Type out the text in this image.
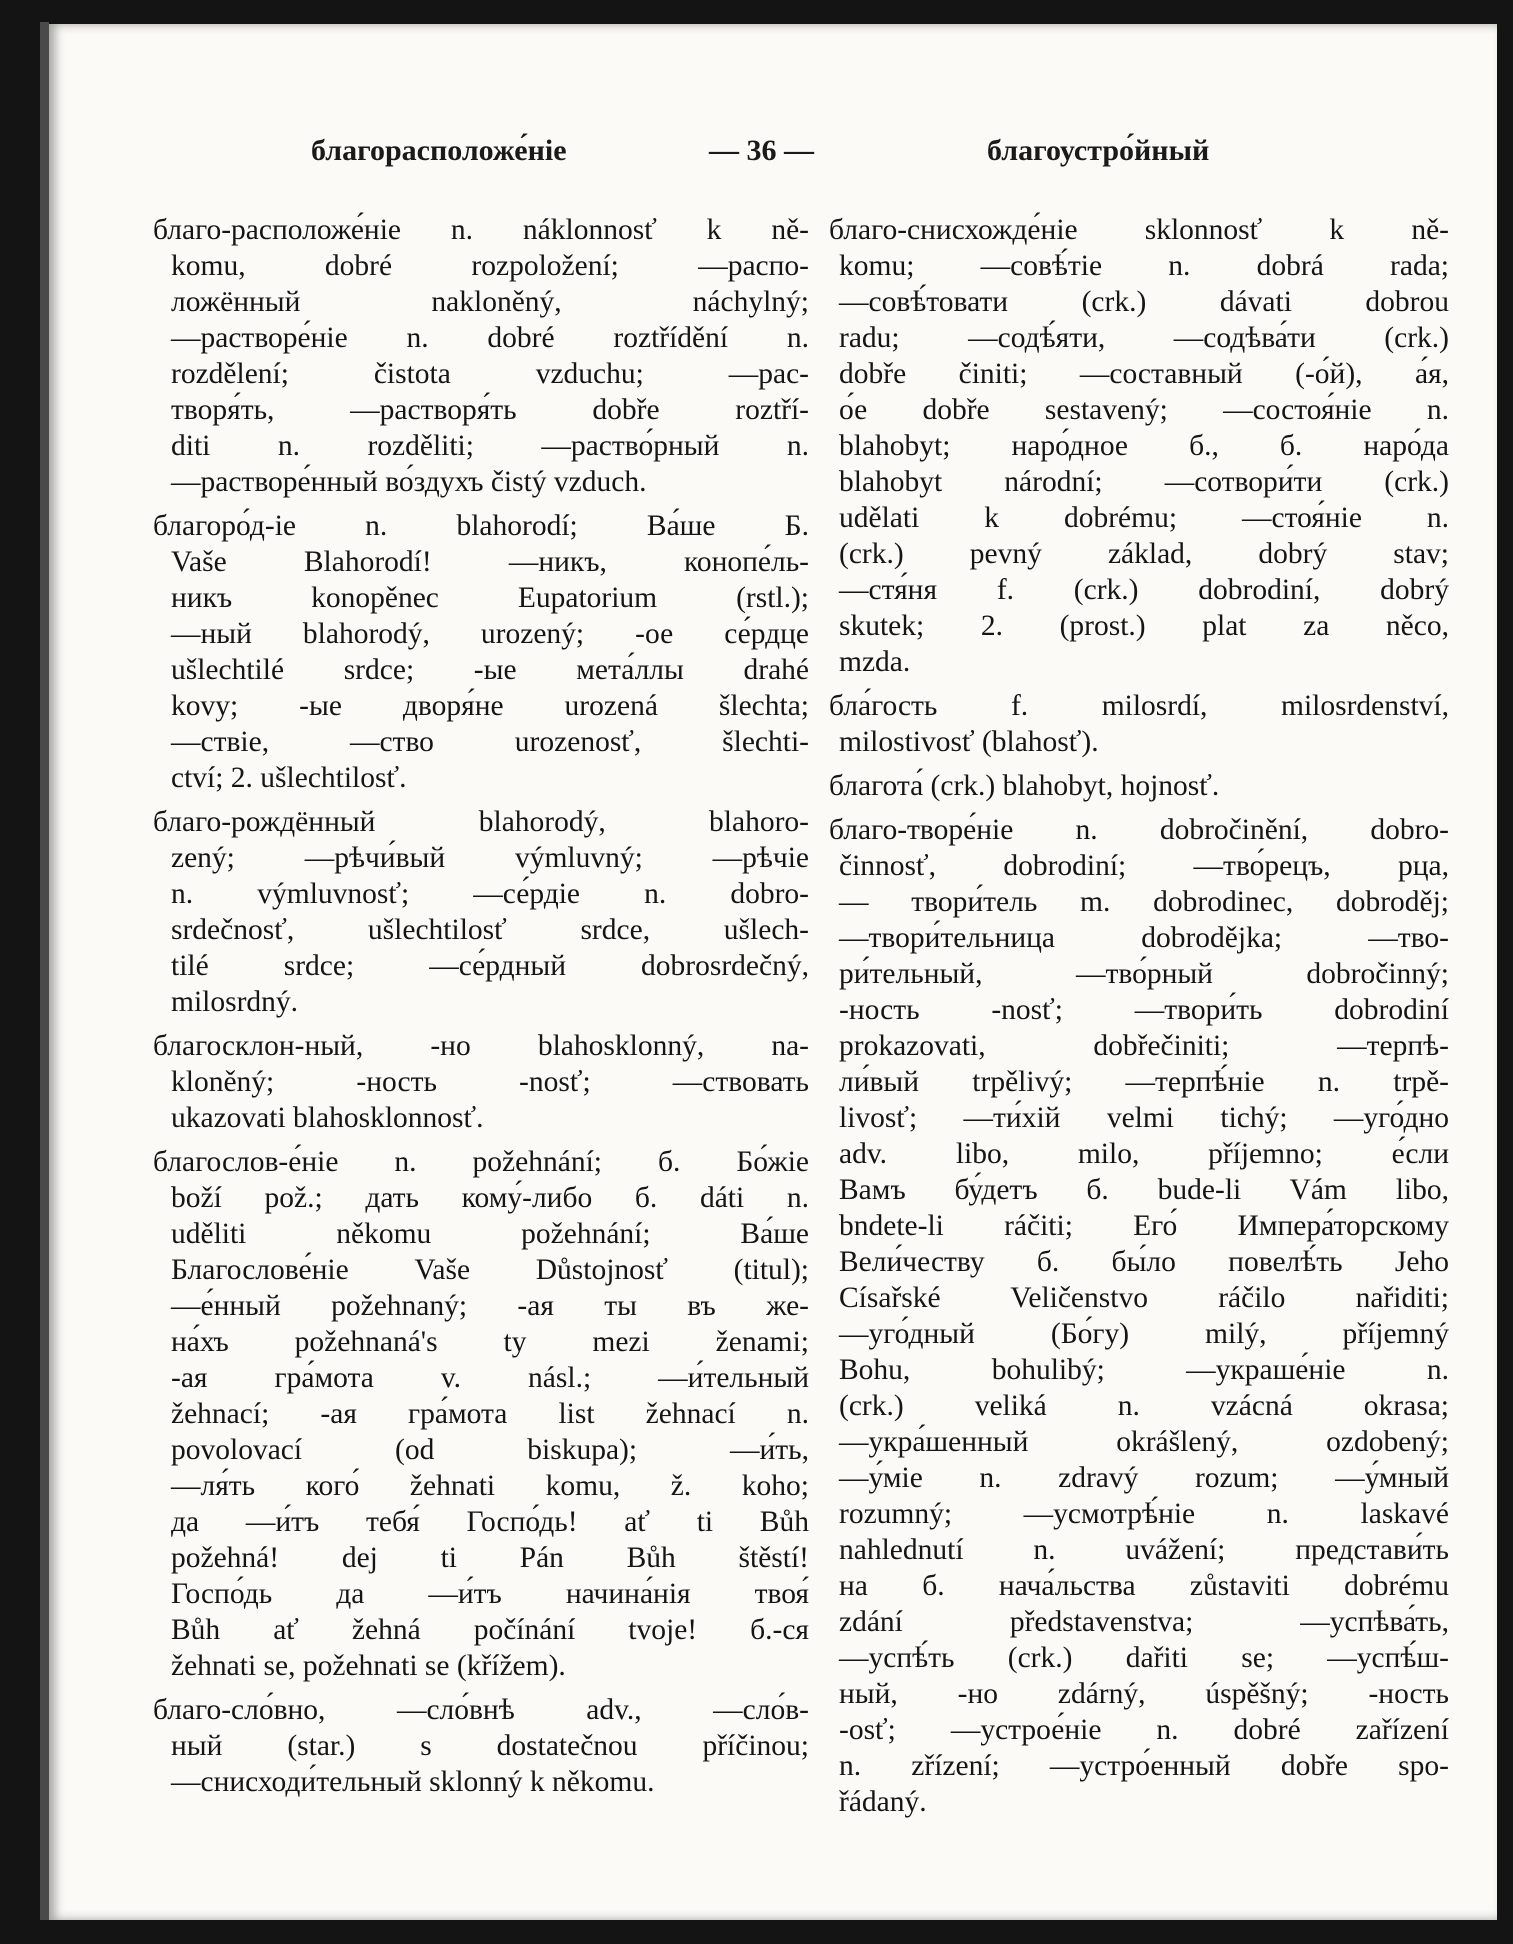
благорасположе́ніе	— 36 —	благоустро́йный
благо-расположе́ніе n. náklonnosť k ně-
komu, dobré rozpoložení; —распо-
ложённый nakloněný, náchylný;
—растворе́ніе n. dobré roztřídění n.
rozdělení; čistota vzduchu; —рас-
творя́ть, —растворя́ть dobře roztří-
diti n. rozděliti; —раство́рный n.
—растворе́нный во́здухъ čistý vzduch.
благоро́д-іе n. blahorodí; Ва́ше Б.
Vaše Blahorodí! —никъ, конопе́ль-
никъ konopěnec Eupatorium (rstl.);
—ный blahorodý, urozený; -ое се́рдце
ušlechtilé srdce; -ые мета́ллы drahé
kovy; -ые дворя́не urozená šlechta;
—ствіе, —ство urozenosť, šlechti-
ctví; 2. ušlechtilosť.
благо-рождённый blahorodý, blahoro-
zený; —рѣчи́вый výmluvný; —рѣчіе
n. výmluvnosť; —се́рдіе n. dobro-
srdečnosť, ušlechtilosť srdce, ušlech-
tilé srdce; —се́рдный dobrosrdečný,
milosrdný.
благосклон-ный, -но blahosklonný, na-
kloněný; -ность -nosť; —ствовать
ukazovati blahosklonnosť.
благослов-е́ніе n. požehnání; б. Бо́жіе
boží pož.; дать кому́-либо б. dáti n.
uděliti někomu požehnání; Ва́ше
Благослове́ніе Vaše Důstojnosť (titul);
—е́нный požehnaný; -ая ты въ же-
на́хъ požehnaná's ty mezi ženami;
-ая гра́мота v. násl.; —и́тельный
žehnací; -ая гра́мота list žehnací n.
povolovací (od biskupa); —и́ть,
—ля́ть кого́ žehnati komu, ž. koho;
да —и́тъ тебя́ Госпо́дь! ať ti Bůh
požehná! dej ti Pán Bůh štěstí!
Госпо́дь да —и́тъ начина́нія твоя́
Bůh ať žehná počínání tvoje! б.-ся
žehnati se, požehnati se (křížem).
благо-сло́вно, —сло́внѣ adv., —сло́в-
ный (star.) s dostatečnou příčinou;
—снисходи́тельный sklonný k někomu.
благо-снисхожде́ніе sklonnosť k ně-
komu; —совѣ́тіе n. dobrá rada;
—совѣ́товати (crk.) dávati dobrou
radu; —содѣ́яти, —содѣва́ти (crk.)
dobře činiti; —составный (-о́й), а́я,
о́е dobře sestavený; —состоя́ніе n.
blahobyt; наро́дное б., б. наро́да
blahobyt národní; —сотвори́ти (crk.)
udělati k dobrému; —стоя́ніе n.
(crk.) pevný základ, dobrý stav;
—стя́ня f. (crk.) dobrodiní, dobrý
skutek; 2. (prost.) plat za něco,
mzda.
бла́гость f. milosrdí, milosrdenství,
milostivosť (blahosť).
благота́ (crk.) blahobyt, hojnosť.
благо-творе́ніе n. dobročinění, dobro-
činnosť, dobrodiní; —тво́рецъ, рца,
— твори́тель m. dobrodinec, dobroděj;
—твори́тельница dobrodějka; —тво-
ри́тельный, —тво́рный dobročinný;
-ность -nosť; —твори́ть dobrodiní
prokazovati, dobřečiniti; —терпѣ-
ли́вый trpělivý; —терпѣ́ніе n. trpě-
livosť; —ти́хій velmi tichý; —уго́дно
adv. libo, milo, příjemno; е́сли
Вамъ бу́детъ б. bude-li Vám libo,
bndete-li ráčiti; Его́ Импера́торскому
Вели́честву б. бы́ло повелѣ́ть Jeho
Císařské Veličenstvo ráčilo nařiditi;
—уго́дный (Бо́гу) milý, příjemný
Bohu, bohulibý; —украше́ніе n.
(crk.) veliká n. vzácná okrasa;
—укра́шенный okrášlený, ozdobený;
—у́міе n. zdravý rozum; —у́мный
rozumný; —усмотрѣ́ніе n. laskavé
nahlednutí n. uvážení; представи́ть
на б. нача́льства zůstaviti dobrému
zdání představenstva; —успѣва́ть,
—успѣ́ть (crk.) dařiti se; —успѣ́ш-
ный, -но zdárný, úspěšný; -ность
-osť; —устрое́ніе n. dobré zařízení
n. zřízení; —устро́енный dobře spo-
řádaný.
